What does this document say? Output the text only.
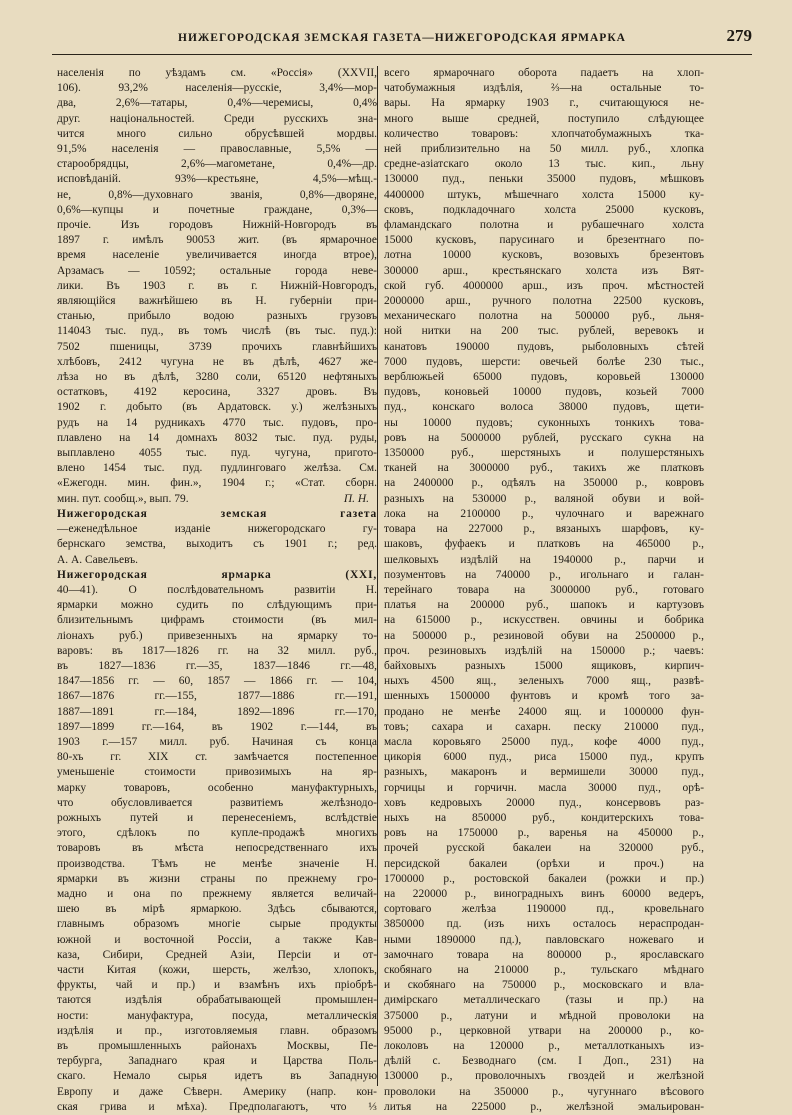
НИЖЕГОРОДСКАЯ ЗЕМСКАЯ ГАЗЕТА—НИЖЕГОРОДСКАЯ ЯРМАРКА	279
населенія по уѣздамъ см. «Россія» (XXVII,
106). 93,2% населенія—русскіе, 3,4%—мор-
два, 2,6%—татары, 0,4%—черемисы, 0,4%
друг. національностей. Среди русскихъ зна-
чится много сильно обрусѣвшей мордвы.
91,5% населенія — православные, 5,5% —
старообрядцы, 2,6%—магометане, 0,4%—др.
исповѣданій. 93%—крестьяне, 4,5%—мѣщ.-
не, 0,8%—духовнаго званія, 0,8%—дворяне,
0,6%—купцы и почетные граждане, 0,3%—
прочіе. Изъ городовъ Нижній-Новгородъ въ
1897 г. имѣлъ 90053 жит. (въ ярмарочное
время населеніе увеличивается иногда втрое),
Арзамасъ — 10592; остальные города невe-
лики. Въ 1903 г. въ г. Нижній-Новгородъ,
являющійся важнѣйшею въ Н. губерніи при-
станью, прибыло водою разныхъ грузовъ
114043 тыс. пуд., въ томъ числѣ (въ тыс. пуд.):
7502 пшеницы, 3739 прочихъ главнѣйшихъ
хлѣбовъ, 2412 чугуна не въ дѣлѣ, 4627 же-
лѣза но въ дѣлѣ, 3280 соли, 65120 нефтяныхъ
остатковъ, 4192 керосина, 3327 дровъ. Въ
1902 г. добыто (въ Ардатовск. у.) желѣзныхъ
рудъ на 14 рудникахъ 4770 тыс. пудовъ, про-
плавлено на 14 домнахъ 8032 тыс. пуд. руды,
выплавлено 4055 тыс. пуд. чугуна, пригото-
влено 1454 тыс. пуд. пудлинговаго желѣза. См.
«Ежегодн. мин. фин.», 1904 г.; «Стат. сборн.
мин. пут. сообщ.», вып. 79.	П. Н.
Нижегородская земская газета
—еженедѣльное изданіе нижегородскаго гу-
бернскаго земства, выходитъ съ 1901 г.; ред.
А. А. Савельевъ.
Нижегородская ярмарка (XXI,
40—41). О послѣдовательномъ развитіи Н.
ярмарки можно судить по слѣдующимъ при-
близительнымъ цифрамъ стоимости (въ мил-
ліонахъ руб.) привезенныхъ на ярмарку то-
варовъ: въ 1817—1826 гг. на 32 милл. руб.,
въ 1827—1836 гг.—35, 1837—1846 гг.—48,
1847—1856 гг. — 60, 1857 — 1866 гг. — 104,
1867—1876 гг.—155, 1877—1886 гг.—191,
1887—1891 гг.—184, 1892—1896 гг.—170,
1897—1899 гг.—164, въ 1902 г.—144, въ
1903 г.—157 милл. руб. Начиная съ конца
80-хъ гг. XIX ст. замѣчается постепенное
уменьшеніе стоимости привозимыхъ на яр-
марку товаровъ, особенно мануфактурныхъ,
что обусловливается развитіемъ желѣзнодо-
рожныхъ путей и перенесеніемъ, вслѣдствіе
этого, сдѣлокъ по купле-продажѣ многихъ
товаровъ въ мѣста непосредственнаго ихъ
производства. Тѣмъ не менѣе значеніе Н.
ярмарки въ жизни страны по прежнему гро-
мадно и она по прежнему является величай-
шею въ мірѣ ярмаркою. Здѣсь сбываются,
главнымъ образомъ многіе сырые продукты
южной и восточной Россіи, а также Кав-
каза, Сибири, Средней Азіи, Персіи и от-
части Китая (кожи, шерсть, желѣзо, хлопокъ,
фрукты, чай и пр.) и взамѣнъ ихъ пріобрѣ-
таются издѣлія обрабатывающей промышлен-
ности: мануфактура, посуда, металлическія
издѣлія и пр., изготовляемыя главн. образомъ
въ промышленныхъ районахъ Москвы, Пе-
тербурга, Западнаго края и Царства Поль-
скаго. Немало сырья идетъ въ Западную
Европу и даже Сѣверн. Америку (напр. кон-
ская грива и мѣха). Предполагаютъ, что ⅓
всего ярмарочнаго оборота падаетъ на хлоп-
чатобумажныя издѣлія, ⅔—на остальные то-
вары. На ярмарку 1903 г., считающуюся не-
много выше средней, поступило слѣдующее
количество товаровъ: хлопчатобумажныхъ тка-
ней приблизительно на 50 милл. руб., хлопка
средне-азіатскаго около 13 тыс. кип., льну
130000 пуд., пеньки 35000 пудовъ, мѣшковъ
4400000 штукъ, мѣшечнаго холста 15000 ку-
сковъ, подкладочнаго холста 25000 кусковъ,
фламандскаго полотна и рубашечнаго холста
15000 кусковъ, парусинаго и брезентнаго по-
лотна 10000 кусковъ, возовыхъ брезентовъ
300000 арш., крестьянскаго холста изъ Вят-
ской губ. 4000000 арш., изъ проч. мѣстностей
2000000 арш., ручного полотна 22500 кусковъ,
механическаго полотна на 500000 руб., льня-
ной нитки на 200 тыс. рублей, веревокъ и
канатовъ 190000 пудовъ, рыболовныхъ сѣтей
7000 пудовъ, шерсти: овечьей болѣе 230 тыс.,
верблюжьей 65000 пудовъ, коровьей 130000
пудовъ, коновьей 10000 пудовъ, козьей 7000
пуд., конскаго волоса 38000 пудовъ, щети-
ны 10000 пудовъ; суконныхъ тонкихъ това-
ровъ на 5000000 рублей, русскаго сукна на
1350000 руб., шерстяныхъ и полушерстяныхъ
тканей на 3000000 руб., такихъ же платковъ
на 2400000 р., одѣялъ на 350000 р., ковровъ
разныхъ на 530000 р., валяной обуви и вой-
лока на 2100000 р., чулочнаго и варежнаго
товара на 227000 р., вязаныхъ шарфовъ, ку-
шаковъ, фуфаекъ и платковъ на 465000 р.,
шелковыхъ издѣлій на 1940000 р., парчи и
позументовъ на 740000 р., игольнаго и галан-
терейнаго товара на 3000000 руб., готоваго
платья на 200000 руб., шапокъ и картузовъ
на 615000 р., искусствен. овчины и бобрика
на 500000 р., резиновой обуви на 2500000 р.,
проч. резиновыхъ издѣлій на 150000 р.; чаевъ:
байховыхъ разныхъ 15000 ящиковъ, кирпич-
ныхъ 4500 ящ., зеленыхъ 7000 ящ., развѣ-
шенныхъ 1500000 фунтовъ и кромѣ того за-
продано не менѣе 24000 ящ. и 1000000 фун-
товъ; сахара и сахарн. песку 210000 пуд.,
масла коровьяго 25000 пуд., кофе 4000 пуд.,
цикорія 6000 пуд., риса 15000 пуд., крупъ
разныхъ, макаронъ и вермишели 30000 пуд.,
горчицы и горчичн. масла 30000 пуд., орѣ-
ховъ кедровыхъ 20000 пуд., консервовъ раз-
ныхъ на 850000 руб., кондитерскихъ това-
ровъ на 1750000 р., варенья на 450000 р.,
прочей русской бакалеи на 320000 руб.,
персидской бакалеи (орѣхи и проч.) на
1700000 р., ростовской бакалеи (рожки и пр.)
на 220000 р., виноградныхъ винъ 60000 ведеръ,
сортоваго желѣза 1190000 пд., кровельнаго
3850000 пд. (изъ нихъ осталось нераспродан-
ными 1890000 пд.), павловскаго ножеваго и
замочнаго товара на 800000 р., ярославскаго
скобянаго на 210000 р., тульскаго мѣднаго
и скобянаго на 750000 р., московскаго и вла-
димірскаго металлическаго (тазы и пр.) на
375000 р., латуни и мѣдной проволоки на
95000 р., церковной утвари на 200000 р., ко-
локоловъ на 120000 р., металлотканыхъ из-
дѣлій с. Безводнаго (см. I Доп., 231) на
130000 р., проволочныхъ гвоздей и желѣзной
проволоки на 350000 р., чугуннаго вѣсового
литья на 225000 р., желѣзной эмальирован-
